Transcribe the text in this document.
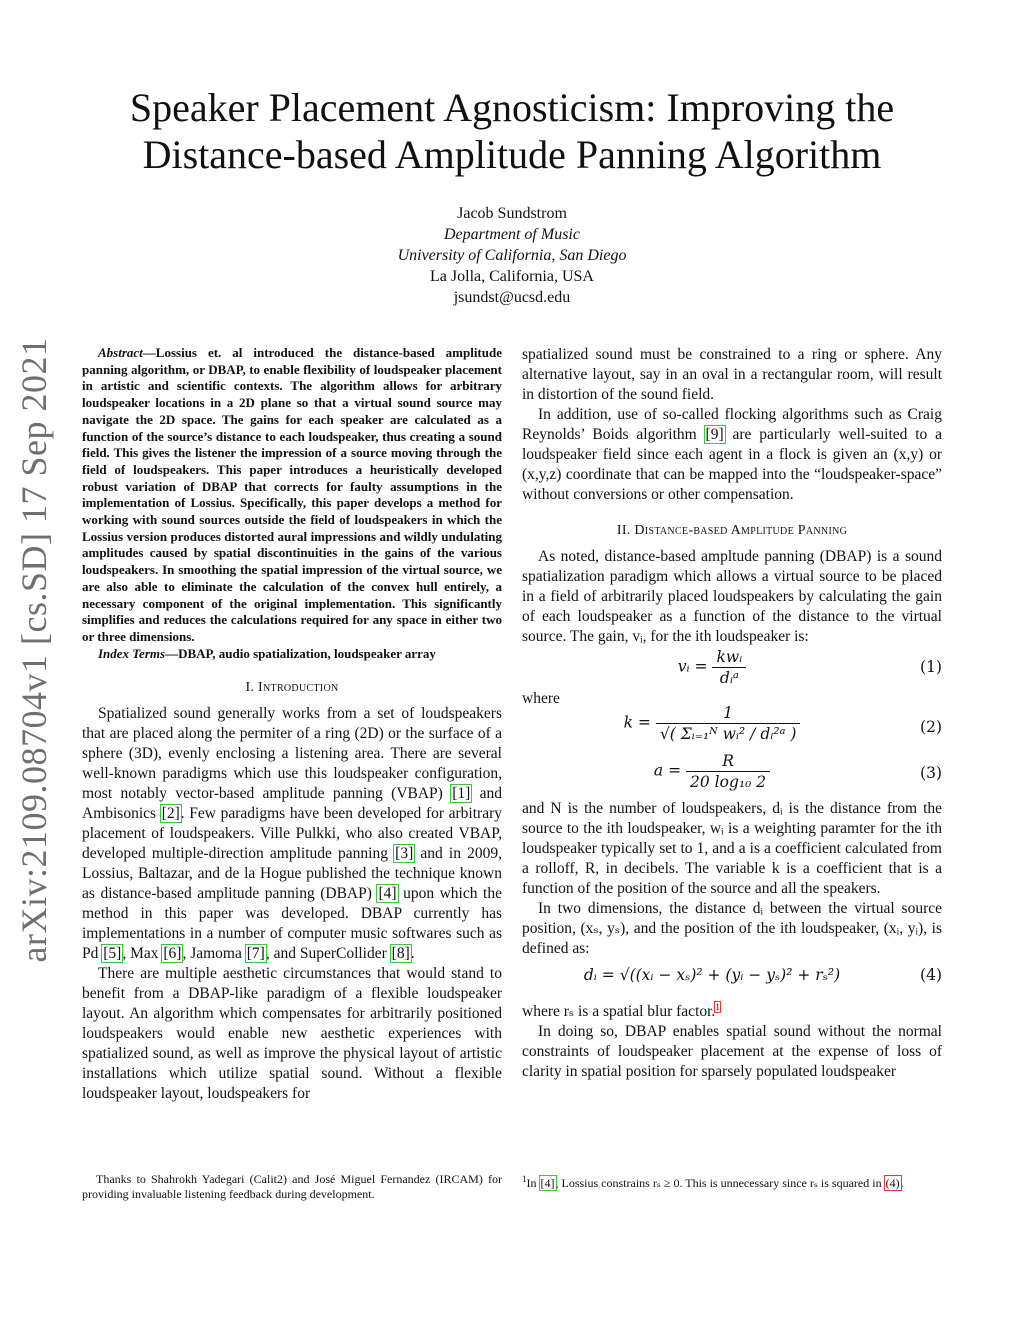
arXiv:2109.08704v1 [cs.SD] 17 Sep 2021
Speaker Placement Agnosticism: Improving the
Distance-based Amplitude Panning Algorithm
Jacob Sundstrom
Department of Music
University of California, San Diego
La Jolla, California, USA
jsundst@ucsd.edu

Abstract—Lossius et. al introduced the distance-based amplitude panning algorithm, or DBAP, to enable flexibility of loudspeaker placement in artistic and scientific contexts. The algorithm allows for arbitrary loudspeaker locations in a 2D plane so that a virtual sound source may navigate the 2D space. The gains for each speaker are calculated as a function of the source’s distance to each loudspeaker, thus creating a sound field. This gives the listener the impression of a source moving through the field of loudspeakers. This paper introduces a heuristically developed robust variation of DBAP that corrects for faulty assumptions in the implementation of Lossius. Specifically, this paper develops a method for working with sound sources outside the field of loudspeakers in which the Lossius version produces distorted aural impressions and wildly undulating amplitudes caused by spatial discontinuities in the gains of the various loudspeakers. In smoothing the spatial impression of the virtual source, we are also able to eliminate the calculation of the convex hull entirely, a necessary component of the original implementation. This significantly simplifies and reduces the calculations required for any space in either two or three dimensions.

Index Terms—DBAP, audio spatialization, loudspeaker array

I. Introduction

Spatialized sound generally works from a set of loudspeakers that are placed along the permiter of a ring (2D) or the surface of a sphere (3D), evenly enclosing a listening area. There are several well-known paradigms which use this loudspeaker configuration, most notably vector-based amplitude panning (VBAP) [1] and Ambisonics [2]. Few paradigms have been developed for arbitrary placement of loudspeakers. Ville Pulkki, who also created VBAP, developed multiple-direction amplitude panning [3] and in 2009, Lossius, Baltazar, and de la Hogue published the technique known as distance-based amplitude panning (DBAP) [4] upon which the method in this paper was developed. DBAP currently has implementations in a number of computer music softwares such as Pd [5], Max [6], Jamoma [7], and SuperCollider [8].

There are multiple aesthetic circumstances that would stand to benefit from a DBAP-like paradigm of a flexible loudspeaker layout. An algorithm which compensates for arbitrarily positioned loudspeakers would enable new aesthetic experiences with spatialized sound, as well as improve the physical layout of artistic installations which utilize spatial sound. Without a flexible loudspeaker layout, loudspeakers for

spatialized sound must be constrained to a ring or sphere. Any alternative layout, say in an oval in a rectangular room, will result in distortion of the sound field.

In addition, use of so-called flocking algorithms such as Craig Reynolds’ Boids algorithm [9] are particularly well-suited to a loudspeaker field since each agent in a flock is given an (x,y) or (x,y,z) coordinate that can be mapped into the “loudspeaker-space” without conversions or other compensation.

II. Distance-based Amplitude Panning

As noted, distance-based ampltude panning (DBAP) is a sound spatialization paradigm which allows a virtual source to be placed in a field of arbitrarily placed loudspeakers by calculating the gain of each loudspeaker as a function of the distance to the virtual source. The gain, vᵢ, for the ith loudspeaker is:

vᵢ = $\frac{\text{kwᵢ}}{\text{dᵢᵃ}}$	(1)

where

$k = \frac{1}{\text{√( Σᵢ₌₁ᴺ wᵢ² / dᵢ²ᵃ )}}$	(2)
$a = \frac{R}{\text{20 log₁₀ 2}}$	(3)

and N is the number of loudspeakers, dᵢ is the distance from the source to the ith loudspeaker, wᵢ is a weighting paramter for the ith loudspeaker typically set to 1, and a is a coefficient calculated from a rolloff, R, in decibels. The variable k is a coefficient that is a function of the position of the source and all the speakers.

In two dimensions, the distance dᵢ between the virtual source position, (xₛ, yₛ), and the position of the ith loudspeaker, (xᵢ, yᵢ), is defined as:

dᵢ = √((xᵢ − xₛ)² + (yᵢ − yₛ)² + rₛ²)	(4)

where rₛ is a spatial blur factor.$^1$

In doing so, DBAP enables spatial sound without the normal constraints of loudspeaker placement at the expense of loss of clarity in spatial position for sparsely populated loudspeaker

Thanks to Shahrokh Yadegari (Calit2) and José Miguel Fernandez (IRCAM) for providing invaluable listening feedback during development.
$^1$In [4], Lossius constrains rₛ ≥ 0. This is unnecessary since rₛ is squared in (4).
